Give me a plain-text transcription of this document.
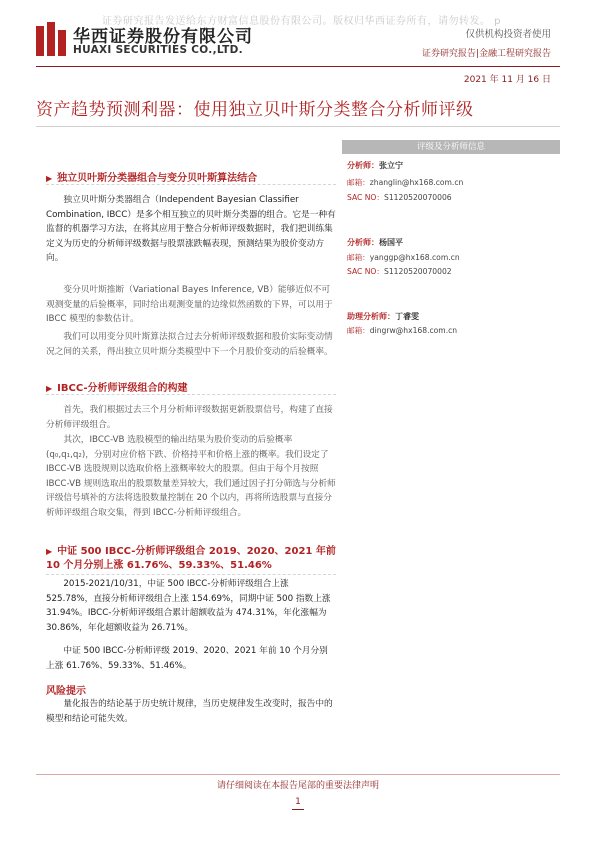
证券研究报告发送给东方财富信息股份有限公司。版权归华西证券所有，请勿转发。 p
华西证券股份有限公司
HUAXI SECURITIES CO.,LTD.
仅供机构投资者使用
证券研究报告|金融工程研究报告
2021 年 11 月 16 日
资产趋势预测利器：使用独立贝叶斯分类整合分析师评级
▶ 独立贝叶斯分类器组合与变分贝叶斯算法结合
独立贝叶斯分类器组合（Independent Bayesian Classifier Combination, IBCC）是多个相互独立的贝叶斯分类器的组合。它是一种有监督的机器学习方法，在将其应用于整合分析师评级数据时，我们把训练集定义为历史的分析师评级数据与股票涨跌幅表现，预测结果为股价变动方向。
变分贝叶斯推断（Variational Bayes Inference, VB）能够近似不可观测变量的后验概率，同时给出观测变量的边缘似然函数的下界，可以用于 IBCC 模型的参数估计。
我们可以用变分贝叶斯算法拟合过去分析师评级数据和股价实际变动情况之间的关系，得出独立贝叶斯分类模型中下一个月股价变动的后验概率。
▶ IBCC-分析师评级组合的构建
首先，我们根据过去三个月分析师评级数据更新股票信号，构建了直接分析师评级组合。
其次，IBCC-VB 选股模型的输出结果为股价变动的后验概率(q₀,q₁,q₂)，分别对应价格下跌、价格持平和价格上涨的概率。我们设定了 IBCC-VB 选股规则以选取价格上涨概率较大的股票。但由于每个月按照 IBCC-VB 规则选取出的股票数量差异较大，我们通过因子打分筛选与分析师评级信号填补的方法将选股数量控制在 20 个以内，再将所选股票与直接分析师评级组合取交集，得到 IBCC-分析师评级组合。
▶ 中证 500 IBCC-分析师评级组合 2019、2020、2021 年前 10 个月分别上涨 61.76%、59.33%、51.46%
2015-2021/10/31，中证 500 IBCC-分析师评级组合上涨 525.78%，直接分析师评级组合上涨 154.69%，同期中证 500 指数上涨 31.94%。IBCC-分析师评级组合累计超额收益为 474.31%，年化涨幅为 30.86%，年化超额收益为 26.71%。
中证 500 IBCC-分析师评级 2019、2020、2021 年前 10 个月分别上涨 61.76%、59.33%、51.46%。
风险提示
量化报告的结论基于历史统计规律，当历史规律发生改变时，报告中的模型和结论可能失效。
评级及分析师信息
分析师：张立宁
邮箱：zhanglin@hx168.com.cn
SAC NO：S1120520070006
分析师：杨国平
邮箱：yanggp@hx168.com.cn
SAC NO：S1120520070002
助理分析师：丁睿雯
邮箱：dingrw@hx168.com.cn
请仔细阅读在本报告尾部的重要法律声明
1
